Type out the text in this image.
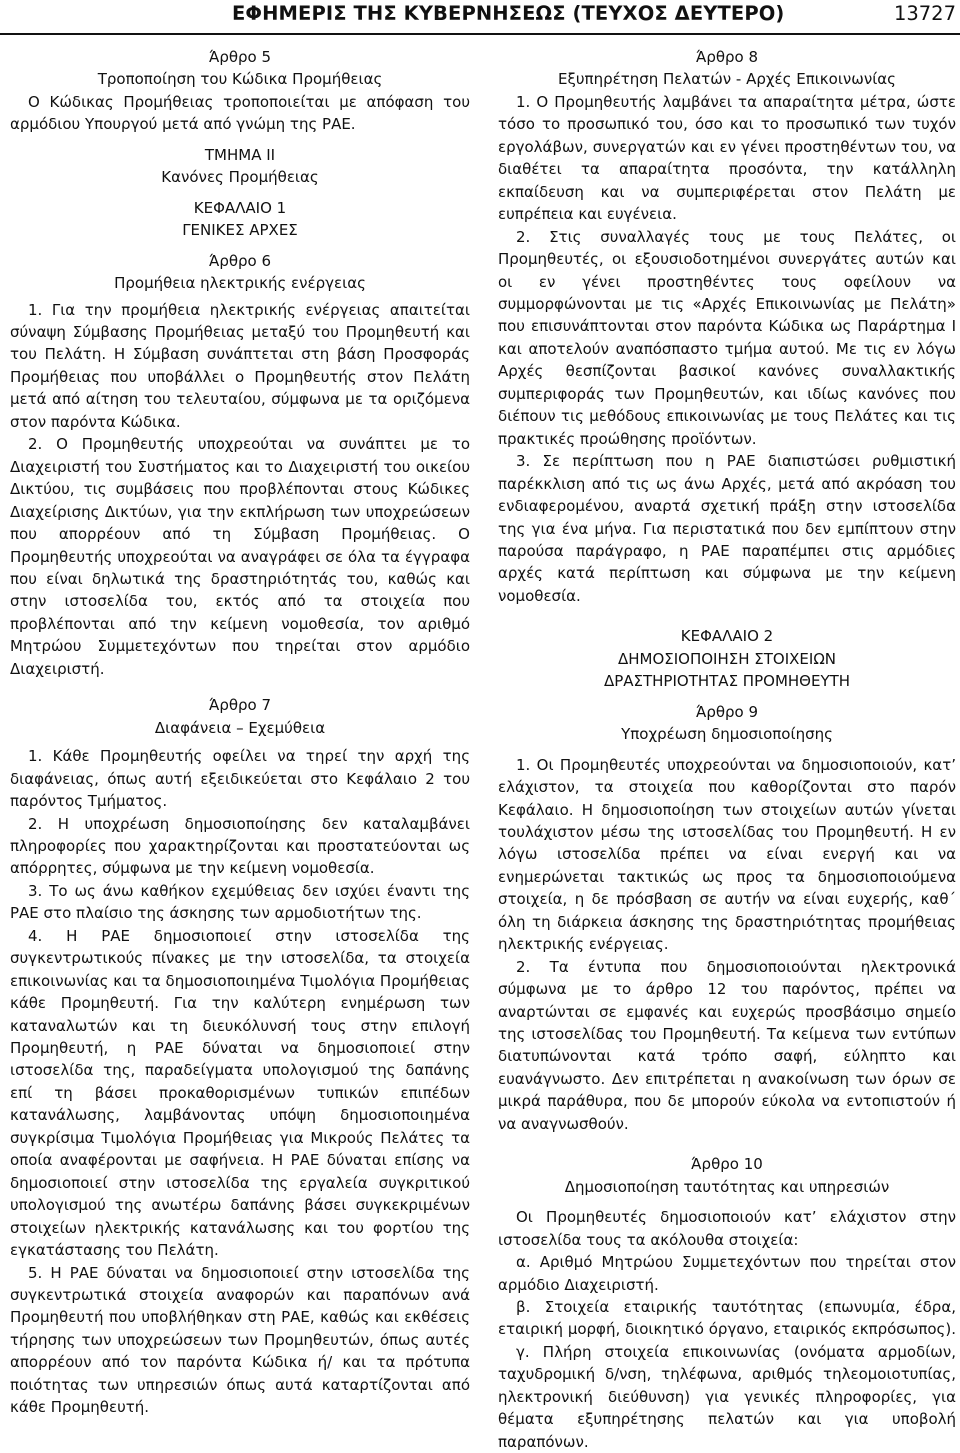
ΕΦΗΜΕΡΙΣ ΤΗΣ ΚΥΒΕΡΝΗΣΕΩΣ (ΤΕΥΧΟΣ ΔΕΥΤΕΡΟ)	13727

Άρθρο 5

Τροποποίηση του Κώδικα Προμήθειας

Ο Κώδικας Προμήθειας τροποποιείται με απόφαση του αρμόδιου Υπουργού μετά από γνώμη της ΡΑΕ.

ΤΜΗΜΑ ΙΙ

Κανόνες Προμήθειας

ΚΕΦΑΛΑΙΟ 1

ΓΕΝΙΚΕΣ ΑΡΧΕΣ

Άρθρο 6

Προμήθεια ηλεκτρικής ενέργειας

1. Για την προμήθεια ηλεκτρικής ενέργειας απαιτείται σύναψη Σύμβασης Προμήθειας μεταξύ του Προμηθευτή και του Πελάτη. Η Σύμβαση συνάπτεται στη βάση Προσφοράς Προμήθειας που υποβάλλει ο Προμηθευτής στον Πελάτη μετά από αίτηση του τελευταίου, σύμφωνα με τα οριζόμενα στον παρόντα Κώδικα.

2. Ο Προμηθευτής υποχρεούται να συνάπτει με το Διαχειριστή του Συστήματος και το Διαχειριστή του οικείου Δικτύου, τις συμβάσεις που προβλέπονται στους Κώδικες Διαχείρισης Δικτύων, για την εκπλήρωση των υποχρεώσεων που απορρέουν από τη Σύμβαση Προμήθειας. Ο Προμηθευτής υποχρεούται να αναγράφει σε όλα τα έγγραφα που είναι δηλωτικά της δραστηριότητάς του, καθώς και στην ιστοσελίδα του, εκτός από τα στοιχεία που προβλέπονται από την κείμενη νομοθεσία, τον αριθμό Μητρώου Συμμετεχόντων που τηρείται στον αρμόδιο Διαχειριστή.

Άρθρο 7

Διαφάνεια – Εχεμύθεια

1. Κάθε Προμηθευτής οφείλει να τηρεί την αρχή της διαφάνειας, όπως αυτή εξειδικεύεται στο Κεφάλαιο 2 του παρόντος Τμήματος.

2. Η υποχρέωση δημοσιοποίησης δεν καταλαμβάνει πληροφορίες που χαρακτηρίζονται και προστατεύονται ως απόρρητες, σύμφωνα με την κείμενη νομοθεσία.

3. Το ως άνω καθήκον εχεμύθειας δεν ισχύει έναντι της ΡΑΕ στο πλαίσιο της άσκησης των αρμοδιοτήτων της.

4. Η ΡΑΕ δημοσιοποιεί στην ιστοσελίδα της συγκεντρωτικούς πίνακες με την ιστοσελίδα, τα στοιχεία επικοινωνίας και τα δημοσιοποιημένα Τιμολόγια Προμήθειας κάθε Προμηθευτή. Για την καλύτερη ενημέρωση των καταναλωτών και τη διευκόλυνσή τους στην επιλογή Προμηθευτή, η ΡΑΕ δύναται να δημοσιοποιεί στην ιστοσελίδα της, παραδείγματα υπολογισμού της δαπάνης επί τη βάσει προκαθορισμένων τυπικών επιπέδων κατανάλωσης, λαμβάνοντας υπόψη δημοσιοποιημένα συγκρίσιμα Τιμολόγια Προμήθειας για Μικρούς Πελάτες τα οποία αναφέρονται με σαφήνεια. Η ΡΑΕ δύναται επίσης να δημοσιοποιεί στην ιστοσελίδα της εργαλεία συγκριτικού υπολογισμού της ανωτέρω δαπάνης βάσει συγκεκριμένων στοιχείων ηλεκτρικής κατανάλωσης και του φορτίου της εγκατάστασης του Πελάτη.

5. Η ΡΑΕ δύναται να δημοσιοποιεί στην ιστοσελίδα της συγκεντρωτικά στοιχεία αναφορών και παραπόνων ανά Προμηθευτή που υποβλήθηκαν στη ΡΑΕ, καθώς και εκθέσεις τήρησης των υποχρεώσεων των Προμηθευτών, όπως αυτές απορρέουν από τον παρόντα Κώδικα ή/ και τα πρότυπα ποιότητας των υπηρεσιών όπως αυτά καταρτίζονται από κάθε Προμηθευτή.

Άρθρο 8

Εξυπηρέτηση Πελατών - Αρχές Επικοινωνίας

1. Ο Προμηθευτής λαμβάνει τα απαραίτητα μέτρα, ώστε τόσο το προσωπικό του, όσο και το προσωπικό των τυχόν εργολάβων, συνεργατών και εν γένει προστηθέντων του, να διαθέτει τα απαραίτητα προσόντα, την κατάλληλη εκπαίδευση και να συμπεριφέρεται στον Πελάτη με ευπρέπεια και ευγένεια.

2. Στις συναλλαγές τους με τους Πελάτες, οι Προμηθευτές, οι εξουσιοδοτημένοι συνεργάτες αυτών και οι εν γένει προστηθέντες τους οφείλουν να συμμορφώνονται με τις «Αρχές Επικοινωνίας με Πελάτη» που επισυνάπτονται στον παρόντα Κώδικα ως Παράρτημα Ι και αποτελούν αναπόσπαστο τμήμα αυτού. Με τις εν λόγω Αρχές θεσπίζονται βασικοί κανόνες συναλλακτικής συμπεριφοράς των Προμηθευτών, και ιδίως κανόνες που διέπουν τις μεθόδους επικοινωνίας με τους Πελάτες και τις πρακτικές προώθησης προϊόντων.

3. Σε περίπτωση που η ΡΑΕ διαπιστώσει ρυθμιστική παρέκκλιση από τις ως άνω Αρχές, μετά από ακρόαση του ενδιαφερομένου, αναρτά σχετική πράξη στην ιστοσελίδα της για ένα μήνα. Για περιστατικά που δεν εμπίπτουν στην παρούσα παράγραφο, η ΡΑΕ παραπέμπει στις αρμόδιες αρχές κατά περίπτωση και σύμφωνα με την κείμενη νομοθεσία.

ΚΕΦΑΛΑΙΟ 2

ΔΗΜΟΣΙΟΠΟΙΗΣΗ ΣΤΟΙΧΕΙΩΝ

ΔΡΑΣΤΗΡΙΟΤΗΤΑΣ ΠΡΟΜΗΘΕΥΤΗ

Άρθρο 9

Υποχρέωση δημοσιοποίησης

1. Οι Προμηθευτές υποχρεούνται να δημοσιοποιούν, κατ’ ελάχιστον, τα στοιχεία που καθορίζονται στο παρόν Κεφάλαιο. Η δημοσιοποίηση των στοιχείων αυτών γίνεται τουλάχιστον μέσω της ιστοσελίδας του Προμηθευτή. Η εν λόγω ιστοσελίδα πρέπει να είναι ενεργή και να ενημερώνεται τακτικώς ως προς τα δημοσιοποιούμενα στοιχεία, η δε πρόσβαση σε αυτήν να είναι ευχερής, καθ΄ όλη τη διάρκεια άσκησης της δραστηριότητας προμήθειας ηλεκτρικής ενέργειας.

2. Τα έντυπα που δημοσιοποιούνται ηλεκτρονικά σύμφωνα με το άρθρο 12 του παρόντος, πρέπει να αναρτώνται σε εμφανές και ευχερώς προσβάσιμο σημείο της ιστοσελίδας του Προμηθευτή. Τα κείμενα των εντύπων διατυπώνονται κατά τρόπο σαφή, εύληπτο και ευανάγνωστο. Δεν επιτρέπεται η ανακοίνωση των όρων σε μικρά παράθυρα, που δε μπορούν εύκολα να εντοπιστούν ή να αναγνωσθούν.

Άρθρο 10

Δημοσιοποίηση ταυτότητας και υπηρεσιών

Οι Προμηθευτές δημοσιοποιούν κατ’ ελάχιστον στην ιστοσελίδα τους τα ακόλουθα στοιχεία:

α. Αριθμό Μητρώου Συμμετεχόντων που τηρείται στον αρμόδιο Διαχειριστή.

β. Στοιχεία εταιρικής ταυτότητας (επωνυμία, έδρα, εταιρική μορφή, διοικητικό όργανο, εταιρικός εκπρόσωπος).

γ. Πλήρη στοιχεία επικοινωνίας (ονόματα αρμοδίων, ταχυδρομική δ/νση, τηλέφωνα, αριθμός τηλεομοιοτυπίας, ηλεκτρονική διεύθυνση) για γενικές πληροφορίες, για θέματα εξυπηρέτησης πελατών και για υποβολή παραπόνων.
